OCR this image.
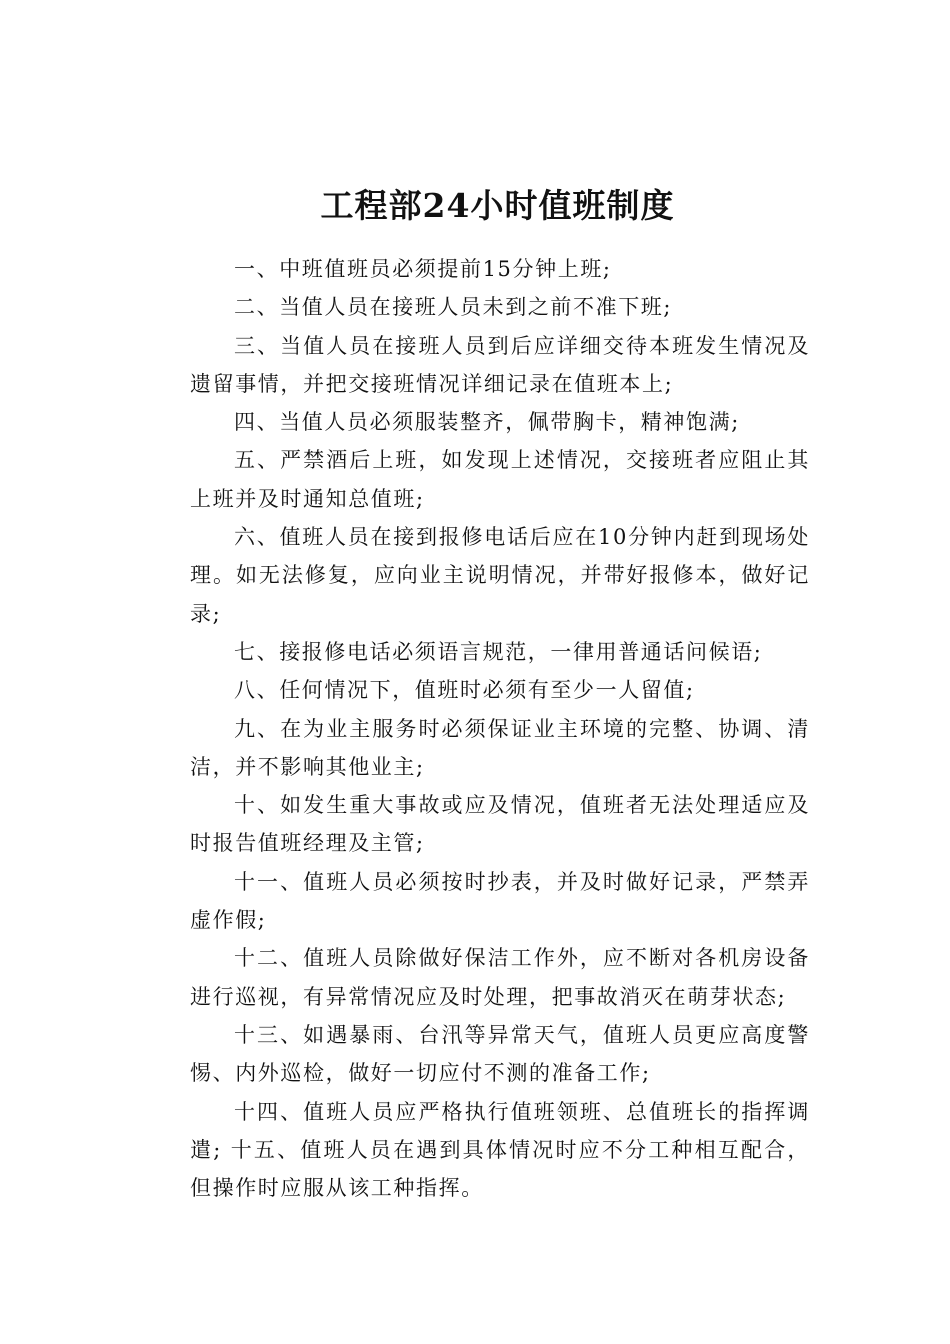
工程部24小时值班制度

一、中班值班员必须提前15分钟上班;

二、当值人员在接班人员未到之前不准下班;

三、当值人员在接班人员到后应详细交待本班发生情况及遗留事情，并把交接班情况详细记录在值班本上;

四、当值人员必须服装整齐，佩带胸卡，精神饱满;

五、严禁酒后上班，如发现上述情况，交接班者应阻止其上班并及时通知总值班;

六、值班人员在接到报修电话后应在10分钟内赶到现场处理。如无法修复，应向业主说明情况，并带好报修本，做好记录;

七、接报修电话必须语言规范，一律用普通话问候语;

八、任何情况下，值班时必须有至少一人留值;

九、在为业主服务时必须保证业主环境的完整、协调、清洁，并不影响其他业主;

十、如发生重大事故或应及情况，值班者无法处理适应及时报告值班经理及主管;

十一、值班人员必须按时抄表，并及时做好记录，严禁弄虚作假;

十二、值班人员除做好保洁工作外，应不断对各机房设备进行巡视，有异常情况应及时处理，把事故消灭在萌芽状态;

十三、如遇暴雨、台汛等异常天气，值班人员更应高度警惕、内外巡检，做好一切应付不测的准备工作;

十四、值班人员应严格执行值班领班、总值班长的指挥调遣; 十五、值班人员在遇到具体情况时应不分工种相互配合，但操作时应服从该工种指挥。
